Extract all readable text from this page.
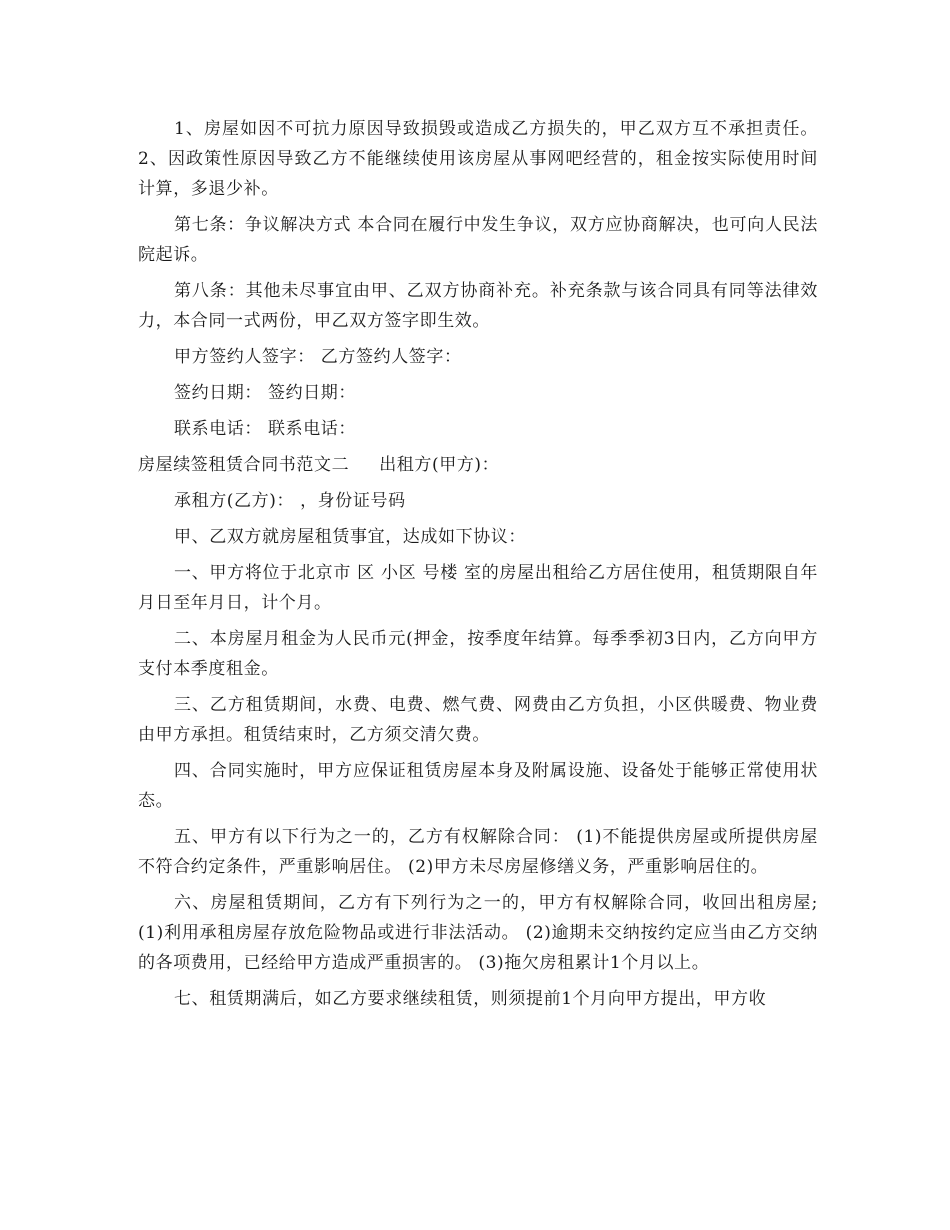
1、房屋如因不可抗力原因导致损毁或造成乙方损失的，甲乙双方互不承担责任。 2、因政策性原因导致乙方不能继续使用该房屋从事网吧经营的，租金按实际使用时间计算，多退少补。

第七条：争议解决方式 本合同在履行中发生争议，双方应协商解决，也可向人民法院起诉。

第八条：其他未尽事宜由甲、乙双方协商补充。补充条款与该合同具有同等法律效力，本合同一式两份，甲乙双方签字即生效。

甲方签约人签字： 乙方签约人签字：

签约日期： 签约日期：

联系电话： 联系电话：

房屋续签租赁合同书范文二 出租方(甲方)：

承租方(乙方)： ，身份证号码

甲、乙双方就房屋租赁事宜，达成如下协议：

一、甲方将位于北京市 区 小区 号楼 室的房屋出租给乙方居住使用，租赁期限自年月日至年月日，计个月。

二、本房屋月租金为人民币元(押金，按季度年结算。每季季初3日内，乙方向甲方支付本季度租金。

三、乙方租赁期间，水费、电费、燃气费、网费由乙方负担，小区供暖费、物业费由甲方承担。租赁结束时，乙方须交清欠费。

四、合同实施时，甲方应保证租赁房屋本身及附属设施、设备处于能够正常使用状态。

五、甲方有以下行为之一的，乙方有权解除合同： (1)不能提供房屋或所提供房屋不符合约定条件，严重影响居住。 (2)甲方未尽房屋修缮义务，严重影响居住的。

六、房屋租赁期间，乙方有下列行为之一的，甲方有权解除合同，收回出租房屋;(1)利用承租房屋存放危险物品或进行非法活动。 (2)逾期未交纳按约定应当由乙方交纳的各项费用，已经给甲方造成严重损害的。 (3)拖欠房租累计1个月以上。

七、租赁期满后，如乙方要求继续租赁，则须提前1个月向甲方提出，甲方收
